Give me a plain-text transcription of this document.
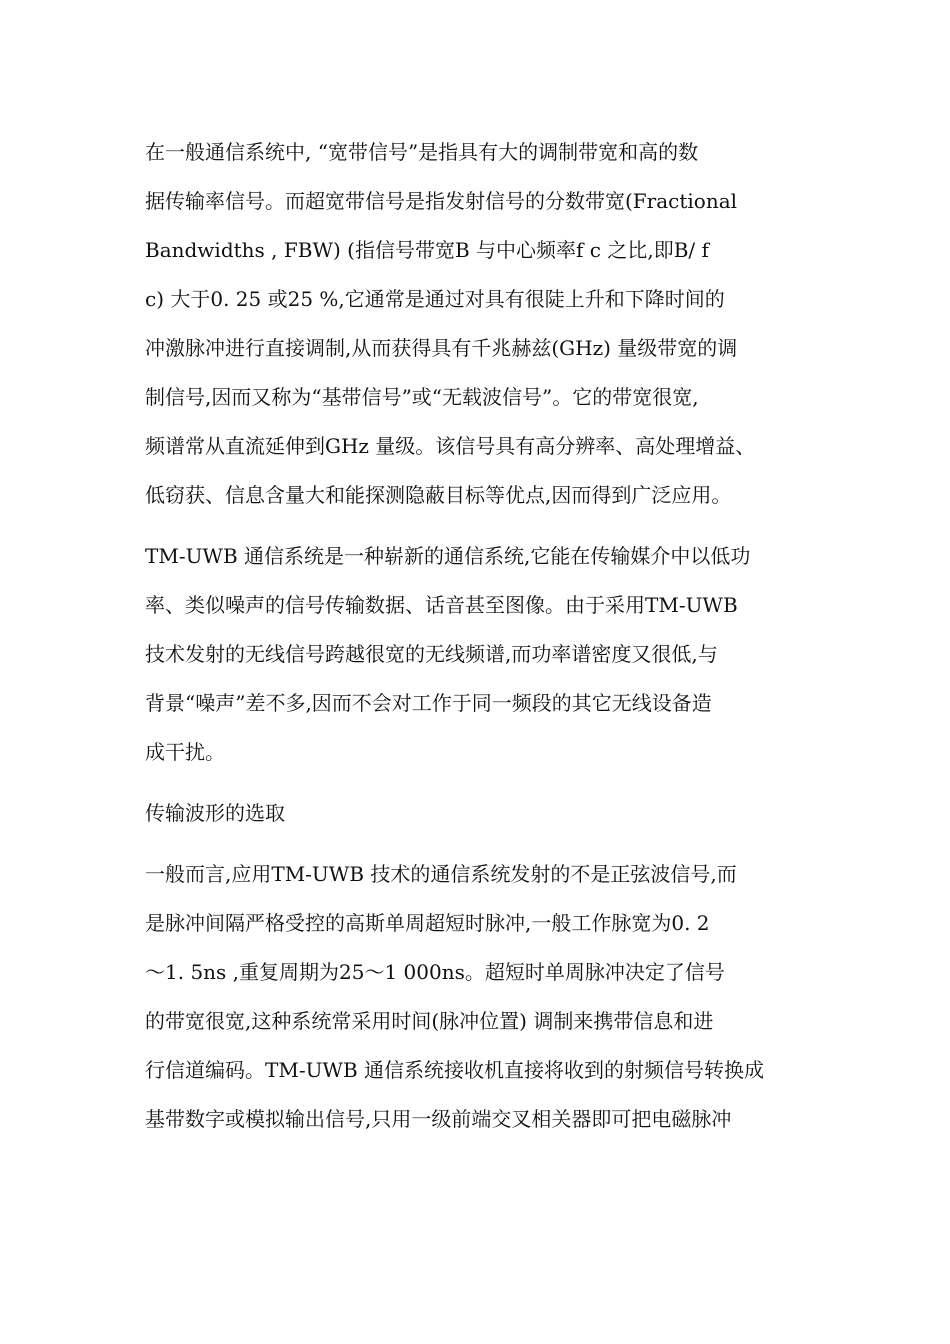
在一般通信系统中, “宽带信号”是指具有大的调制带宽和高的数
据传输率信号。而超宽带信号是指发射信号的分数带宽(Fractional
Bandwidths , FBW) (指信号带宽B 与中心频率f c 之比,即B/ f
c) 大于0. 25 或25 %,它通常是通过对具有很陡上升和下降时间的
冲激脉冲进行直接调制,从而获得具有千兆赫兹(GHz) 量级带宽的调
制信号,因而又称为“基带信号”或“无载波信号”。它的带宽很宽,
频谱常从直流延伸到GHz 量级。该信号具有高分辨率、高处理增益、
低窃获、信息含量大和能探测隐蔽目标等优点,因而得到广泛应用。
TM-UWB 通信系统是一种崭新的通信系统,它能在传输媒介中以低功
率、类似噪声的信号传输数据、话音甚至图像。由于采用TM-UWB
技术发射的无线信号跨越很宽的无线频谱,而功率谱密度又很低,与
背景“噪声”差不多,因而不会对工作于同一频段的其它无线设备造
成干扰。
传输波形的选取
一般而言,应用TM-UWB 技术的通信系统发射的不是正弦波信号,而
是脉冲间隔严格受控的高斯单周超短时脉冲,一般工作脉宽为0. 2
～1. 5ns ,重复周期为25～1 000ns。超短时单周脉冲决定了信号
的带宽很宽,这种系统常采用时间(脉冲位置) 调制来携带信息和进
行信道编码。TM-UWB 通信系统接收机直接将收到的射频信号转换成
基带数字或模拟输出信号,只用一级前端交叉相关器即可把电磁脉冲
